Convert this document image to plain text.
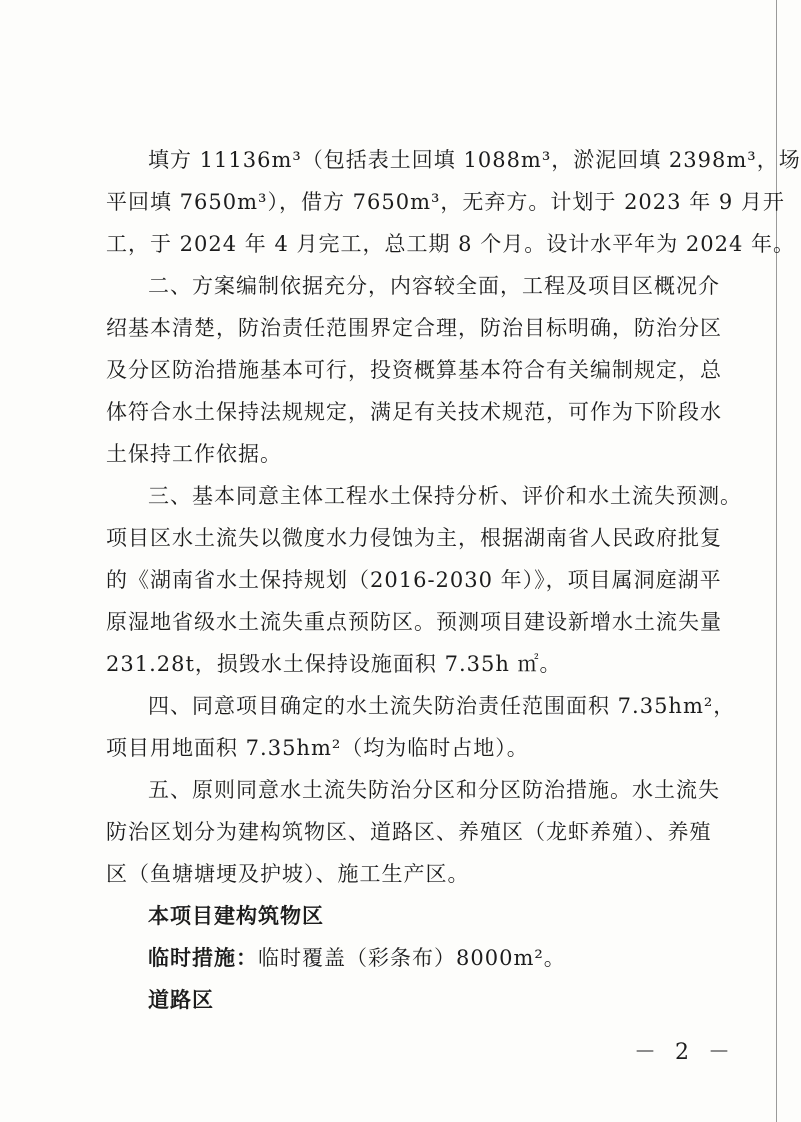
填方 11136m³（包括表土回填 1088m³，淤泥回填 2398m³，场
平回填 7650m³），借方 7650m³，无弃方。计划于 2023 年 9 月开
工，于 2024 年 4 月完工，总工期 8 个月。设计水平年为 2024 年。
二、方案编制依据充分，内容较全面，工程及项目区概况介
绍基本清楚，防治责任范围界定合理，防治目标明确，防治分区
及分区防治措施基本可行，投资概算基本符合有关编制规定，总
体符合水土保持法规规定，满足有关技术规范，可作为下阶段水
土保持工作依据。
三、基本同意主体工程水土保持分析、评价和水土流失预测。
项目区水土流失以微度水力侵蚀为主，根据湖南省人民政府批复
的《湖南省水土保持规划（2016-2030 年）》，项目属洞庭湖平
原湿地省级水土流失重点预防区。预测项目建设新增水土流失量
231.28t，损毁水土保持设施面积 7.35h ㎡。
四、同意项目确定的水土流失防治责任范围面积 7.35hm²，
项目用地面积 7.35hm²（均为临时占地）。
五、原则同意水土流失防治分区和分区防治措施。水土流失
防治区划分为建构筑物区、道路区、养殖区（龙虾养殖）、养殖
区（鱼塘塘埂及护坡）、施工生产区。
本项目建构筑物区
临时措施：临时覆盖（彩条布）8000m²。
道路区
－ 2 －
